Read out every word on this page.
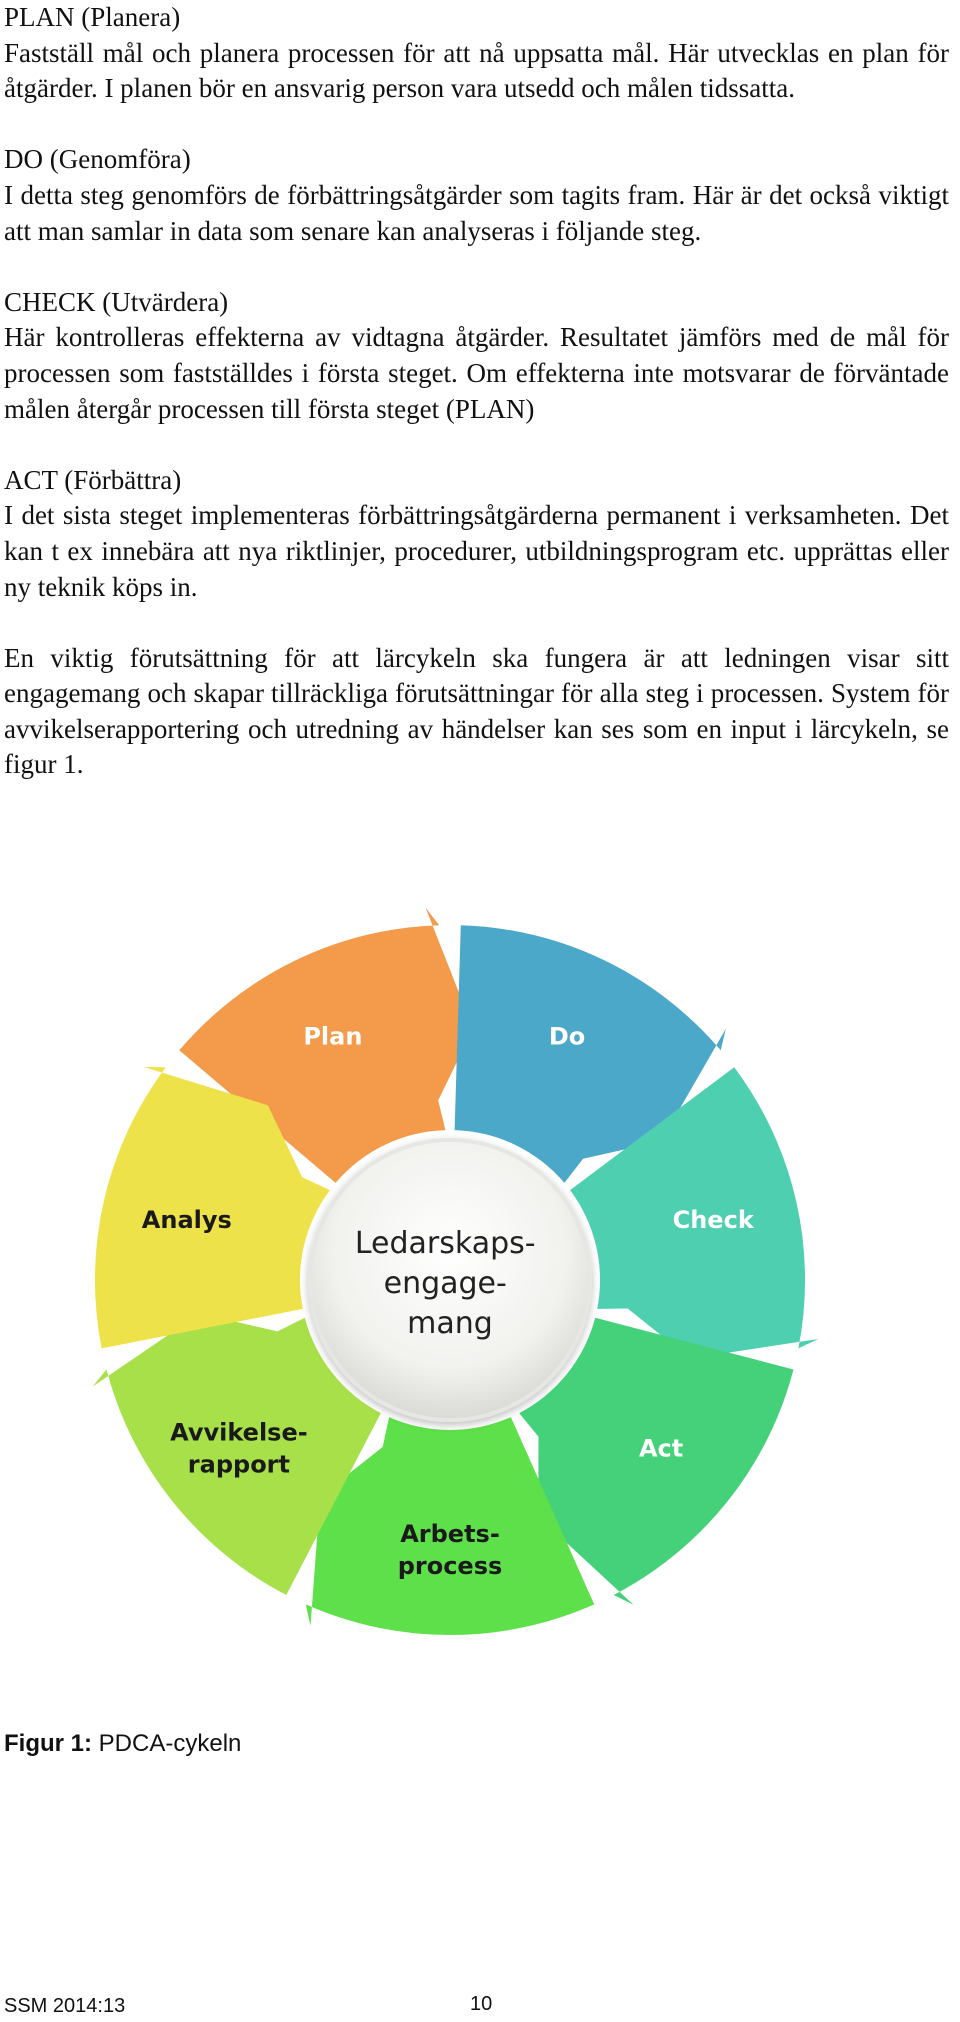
PLAN (Planera)

Fastställ mål och planera processen för att nå uppsatta mål. Här utvecklas en plan för åtgärder. I planen bör en ansvarig person vara utsedd och målen tidssatta.

DO (Genomföra)

I detta steg genomförs de förbättringsåtgärder som tagits fram. Här är det också viktigt att man samlar in data som senare kan analyseras i följande steg.

CHECK (Utvärdera)

Här kontrolleras effekterna av vidtagna åtgärder. Resultatet jämförs med de mål för processen som fastställdes i första steget. Om effekterna inte motsvarar de förväntade målen återgår processen till första steget (PLAN)

ACT (Förbättra)

I det sista steget implementeras förbättringsåtgärderna permanent i verksamheten. Det kan t ex innebära att nya riktlinjer, procedurer, utbildningsprogram etc. upprättas eller ny teknik köps in.

En viktig förutsättning för att lärcykeln ska fungera är att ledningen visar sitt engagemang och skapar tillräckliga förutsättningar för alla steg i processen. System för avvikelserapportering och utredning av händelser kan ses som en input i lärcykeln, se figur 1.

Plan	Do
Check
Act
Arbets-process
Avvikelse-rapport
Analys
Ledarskaps- engage- mang
Figur 1: PDCA-cykeln
SSM 2014:13	10
